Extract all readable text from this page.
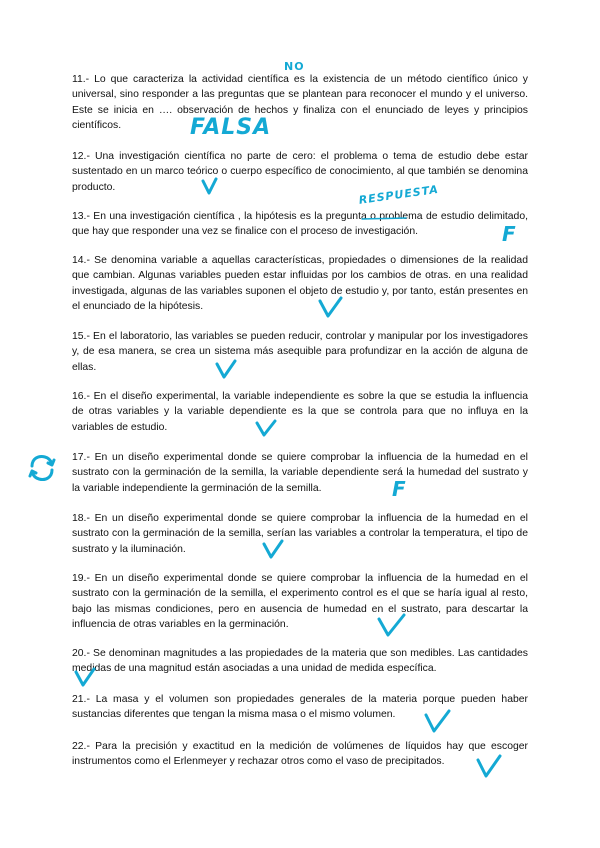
11.- Lo que caracteriza la actividad científica es la existencia de un método científico único y universal, sino responder a las preguntas que se plantean para reconocer el mundo y el universo. Este se inicia en …. observación de hechos y finaliza con el enunciado de leyes y principios científicos.

12.- Una investigación científica no parte de cero: el problema o tema de estudio debe estar sustentado en un marco teórico o cuerpo específico de conocimiento, al que también se denomina producto.

13.- En una investigación científica , la hipótesis es la pregunta o problema de estudio delimitado, que hay que responder una vez se finalice con el proceso de investigación.

14.- Se denomina variable a aquellas características, propiedades o dimensiones de la realidad que cambian. Algunas variables pueden estar influidas por los cambios de otras. en una realidad investigada, algunas de las variables suponen el objeto de estudio y, por tanto, están presentes en el enunciado de la hipótesis.

15.- En el laboratorio, las variables se pueden reducir, controlar y manipular por los investigadores y, de esa manera, se crea un sistema más asequible para profundizar en la acción de alguna de ellas.

16.- En el diseño experimental, la variable independiente es sobre la que se estudia la influencia de otras variables y la variable dependiente es la que se controla para que no influya en la variables de estudio.

17.- En un diseño experimental donde se quiere comprobar la influencia de la humedad en el sustrato con la germinación de la semilla, la variable dependiente será la humedad del sustrato y la variable independiente la germinación de la semilla.

18.- En un diseño experimental donde se quiere comprobar la influencia de la humedad en el sustrato con la germinación de la semilla, serían las variables a controlar la temperatura, el tipo de sustrato y la iluminación.

19.- En un diseño experimental donde se quiere comprobar la influencia de la humedad en el sustrato con la germinación de la semilla, el experimento control es el que se haría igual al resto, bajo las mismas condiciones, pero en ausencia de humedad en el sustrato, para descartar la influencia de otras variables en la germinación.

20.- Se denominan magnitudes a las propiedades de la materia que son medibles. Las cantidades medidas de una magnitud están asociadas a una unidad de medida específica.

21.- La masa y el volumen son propiedades generales de la materia porque pueden haber sustancias diferentes que tengan la misma masa o el mismo volumen.

22.- Para la precisión y exactitud en la medición de volúmenes de líquidos hay que escoger instrumentos como el Erlenmeyer y rechazar otros como el vaso de precipitados.

NO
FALSA
RESPUESTA
F
F
